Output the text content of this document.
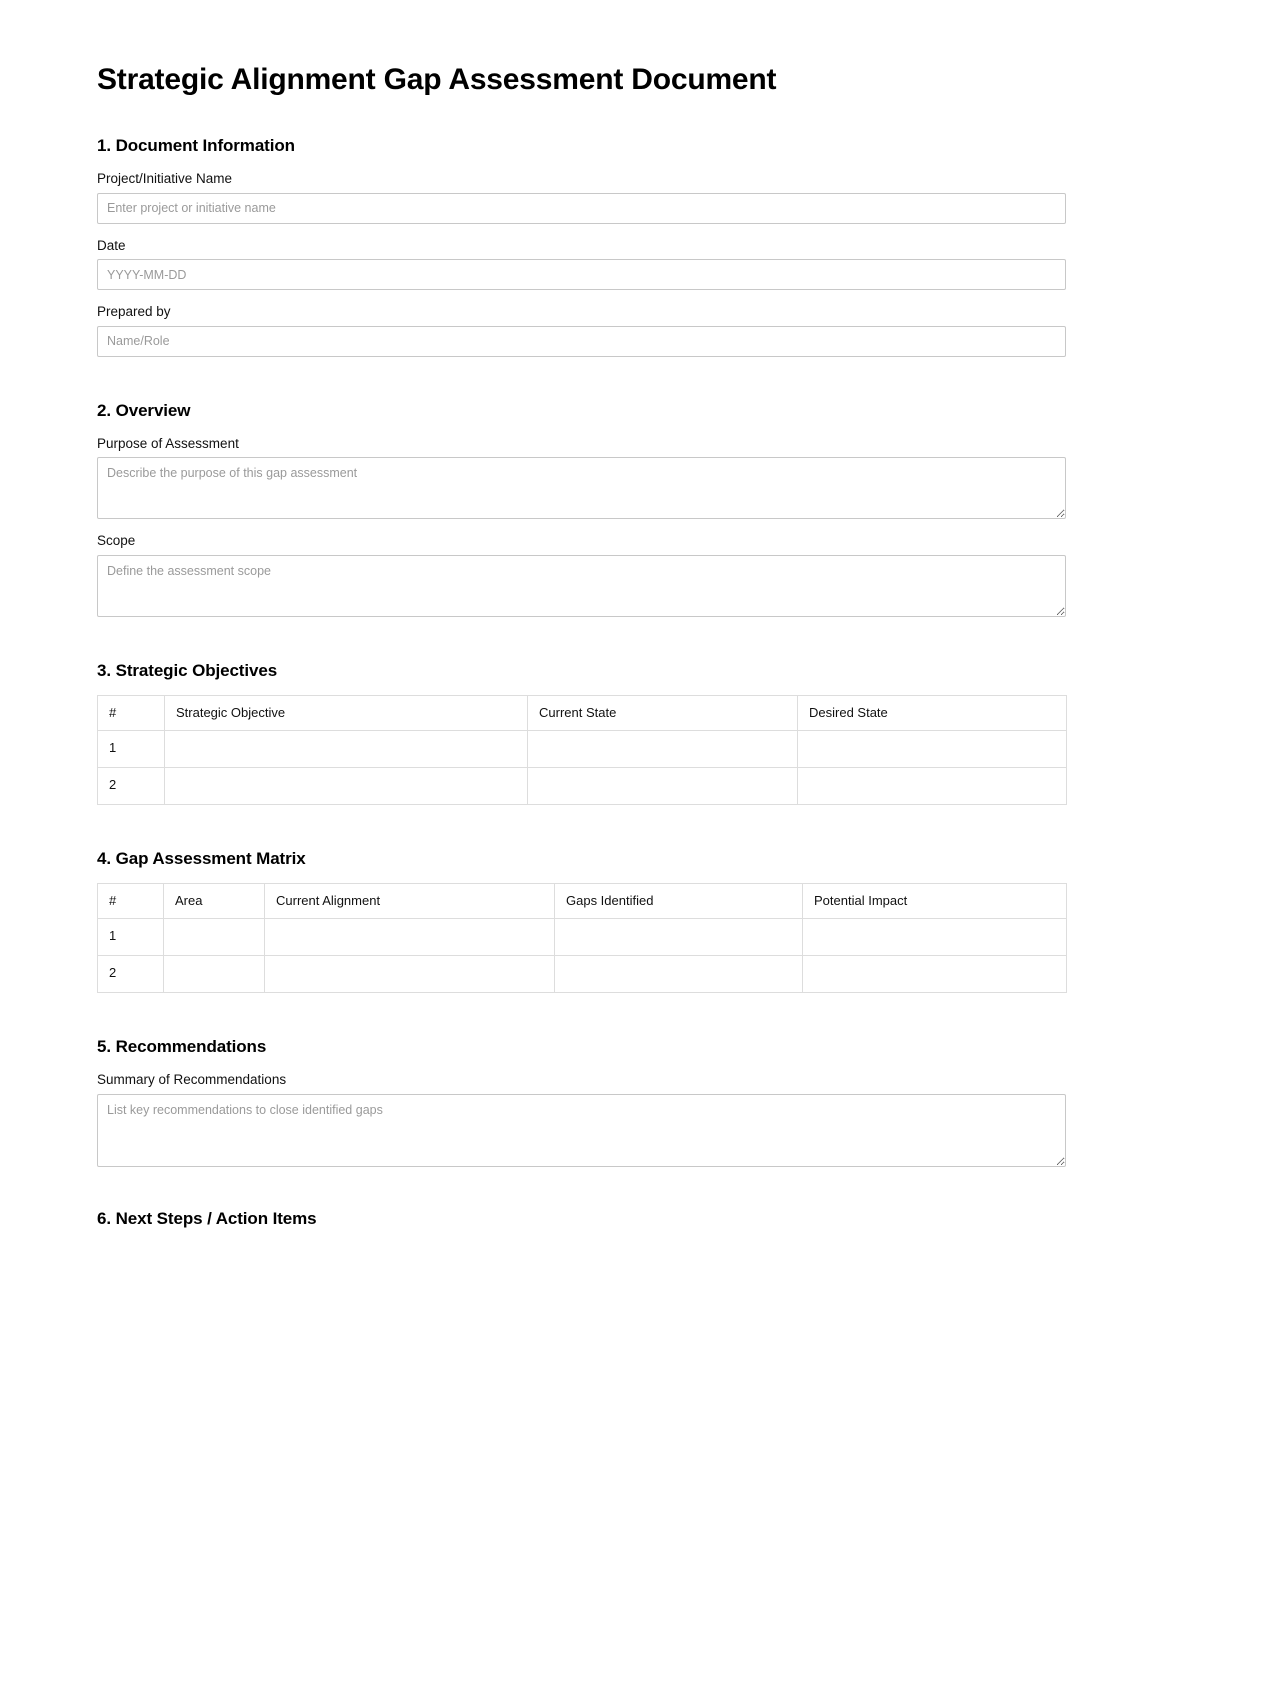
Strategic Alignment Gap Assessment Document
1. Document Information
Project/Initiative Name
Enter project or initiative name
Date
YYYY-MM-DD
Prepared by
Name/Role
2. Overview
Purpose of Assessment
Describe the purpose of this gap assessment
Scope
Define the assessment scope
3. Strategic Objectives
#	Strategic Objective	Current State	Desired State
1			
2			
4. Gap Assessment Matrix
#	Area	Current Alignment	Gaps Identified	Potential Impact
1				
2				
5. Recommendations
Summary of Recommendations
List key recommendations to close identified gaps
6. Next Steps / Action Items
